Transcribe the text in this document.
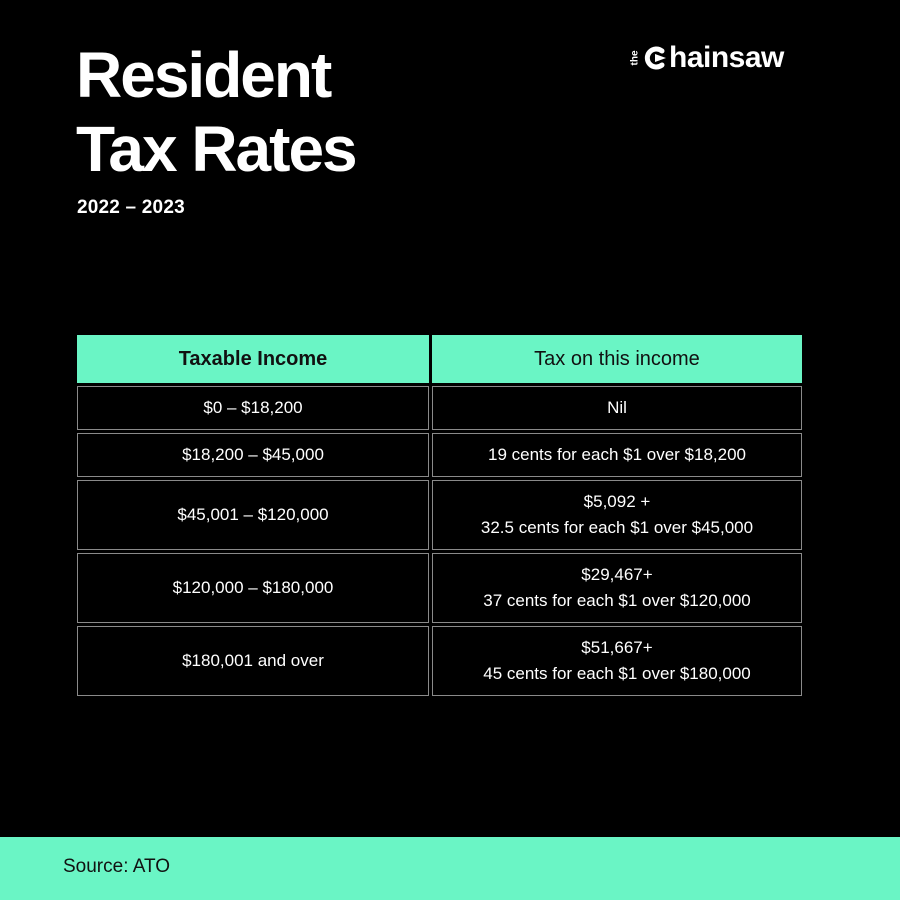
Resident
Tax Rates
2022 – 2023
the hainsaw
Taxable Income	Tax on this income
$0 – $18,200	Nil
$18,200 – $45,000	19 cents for each $1 over $18,200
$45,001 – $120,000	$5,092 +
32.5 cents for each $1 over $45,000
$120,000 – $180,000	$29,467+
37 cents for each $1 over $120,000
$180,001 and over	$51,667+
45 cents for each $1 over $180,000
Source: ATO
